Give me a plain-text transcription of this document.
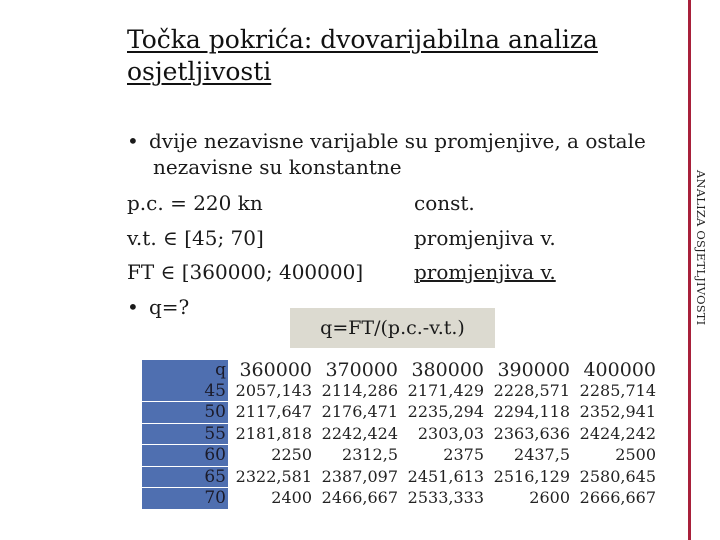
ANALIZA OSJETLJIVOSTI
Točka pokrića: dvovarijabilna analiza osjetljivosti
• dvije nezavisne varijable su promjenjive, a ostale
nezavisne su konstantne
p.c. = 220 kn	const.
v.t. ∈ [45; 70]	promjenjiva v.
FT ∈ [360000; 400000]	promjenjiva v.
• q=?
q=FT/(p.c.-v.t.)
q	360000	370000	380000	390000	400000
45	2057,143	2114,286	2171,429	2228,571	2285,714
50	2117,647	2176,471	2235,294	2294,118	2352,941
55	2181,818	2242,424	2303,03	2363,636	2424,242
60	2250	2312,5	2375	2437,5	2500
65	2322,581	2387,097	2451,613	2516,129	2580,645
70	2400	2466,667	2533,333	2600	2666,667
